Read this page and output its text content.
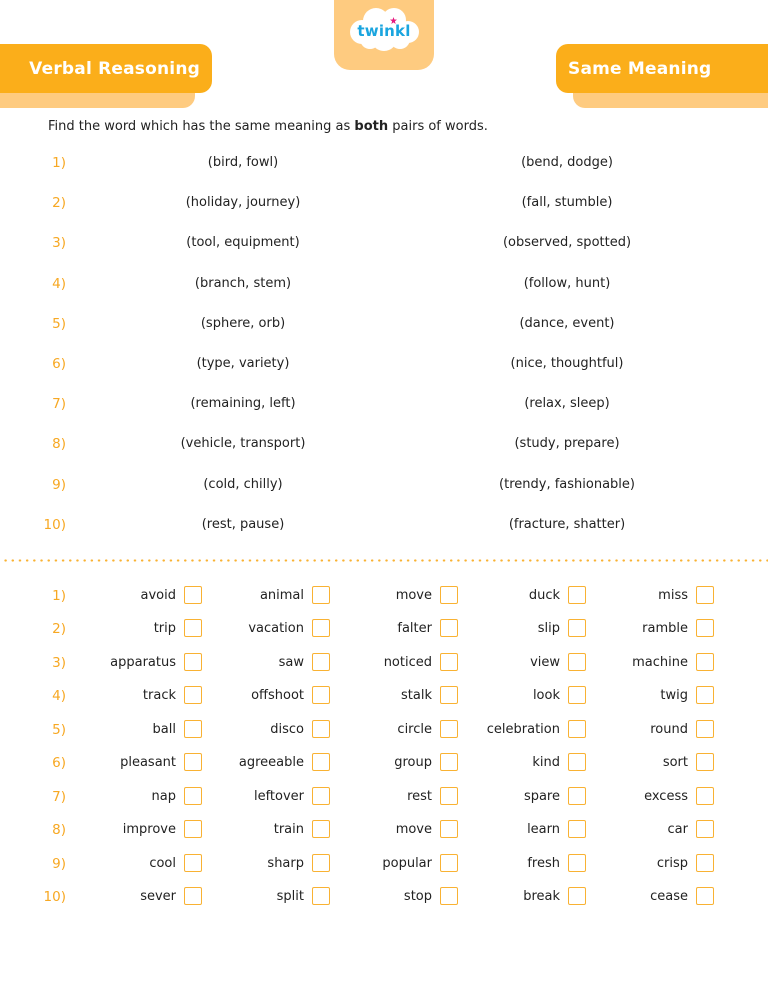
twinkl
Verbal Reasoning	Same Meaning
Find the word which has the same meaning as both pairs of words.
1)	(bird, fowl)	(bend, dodge)
2)	(holiday, journey)	(fall, stumble)
3)	(tool, equipment)	(observed, spotted)
4)	(branch, stem)	(follow, hunt)
5)	(sphere, orb)	(dance, event)
6)	(type, variety)	(nice, thoughtful)
7)	(remaining, left)	(relax, sleep)
8)	(vehicle, transport)	(study, prepare)
9)	(cold, chilly)	(trendy, fashionable)
10)	(rest, pause)	(fracture, shatter)
1)	avoid	animal	move	duck	miss
2)	trip	vacation	falter	slip	ramble
3)	apparatus	saw	noticed	view	machine
4)	track	offshoot	stalk	look	twig
5)	ball	disco	circle	celebration	round
6)	pleasant	agreeable	group	kind	sort
7)	nap	leftover	rest	spare	excess
8)	improve	train	move	learn	car
9)	cool	sharp	popular	fresh	crisp
10)	sever	split	stop	break	cease
